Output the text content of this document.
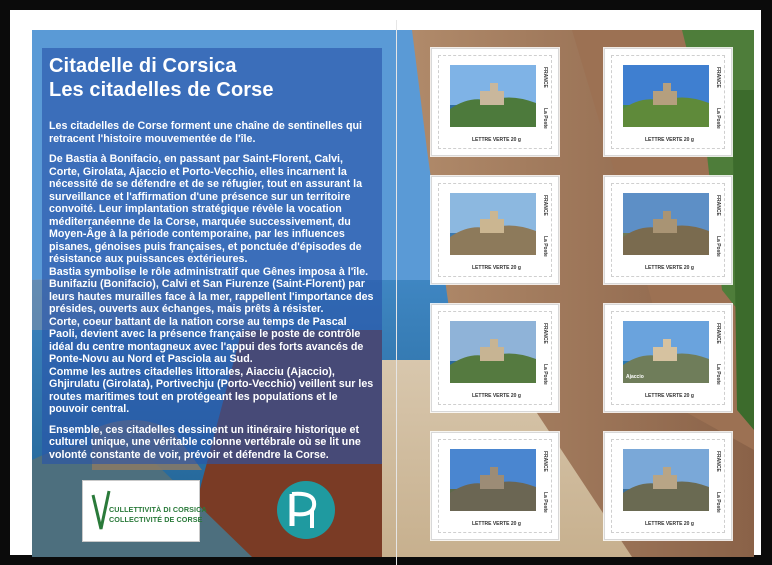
Citadelle di Corsica
Les citadelles de Corse

Les citadelles de Corse forment une chaîne de sentinelles qui retracent l'histoire mouvementée de l'île.

De Bastia à Bonifacio, en passant par Saint-Florent, Calvi, Corte, Girolata, Ajaccio et Porto-Vecchio, elles incarnent la nécessité de se défendre et de se réfugier, tout en assurant la surveillance et l'affirmation d'une présence sur un territoire convoité. Leur implantation stratégique révèle la vocation méditerranéenne de la Corse, marquée successivement, du Moyen-Âge à la période contemporaine, par les influences pisanes, génoises puis françaises, et ponctuée d'épisodes de résistance aux puissances extérieures.

Bastia symbolise le rôle administratif que Gênes imposa à l'île.

Bunifaziu (Bonifacio), Calvi et San Fiurenze (Saint-Florent) par leurs hautes murailles face à la mer, rappellent l'importance des présides, ouverts aux échanges, mais prêts à résister.

Corte, coeur battant de la nation corse au temps de Pascal Paoli, devient avec la présence française le poste de contrôle idéal du centre montagneux avec l'appui des forts avancés de Ponte-Novu au Nord et Pasciola au Sud.

Comme les autres citadelles littorales, Aiacciu (Ajaccio), Ghjirulatu (Girolata), Portivechju (Porto-Vecchio) veillent sur les routes maritimes tout en protégeant les populations et le pouvoir central.

Ensemble, ces citadelles dessinent un itinéraire historique et culturel unique, une véritable colonne vertébrale où se lit une volonté constante de voir, prévoir et défendre la Corse.

CULLETTIVITÀ DI CORSICA
COLLECTIVITÉ DE CORSE
FRANCE
La Poste
LETTRE VERTE 20 g
FRANCE
La Poste
LETTRE VERTE 20 g
FRANCE
La Poste
LETTRE VERTE 20 g
FRANCE
La Poste
LETTRE VERTE 20 g
FRANCE
La Poste
LETTRE VERTE 20 g
Ajaccio
FRANCE
La Poste
LETTRE VERTE 20 g
FRANCE
La Poste
LETTRE VERTE 20 g
FRANCE
La Poste
LETTRE VERTE 20 g
